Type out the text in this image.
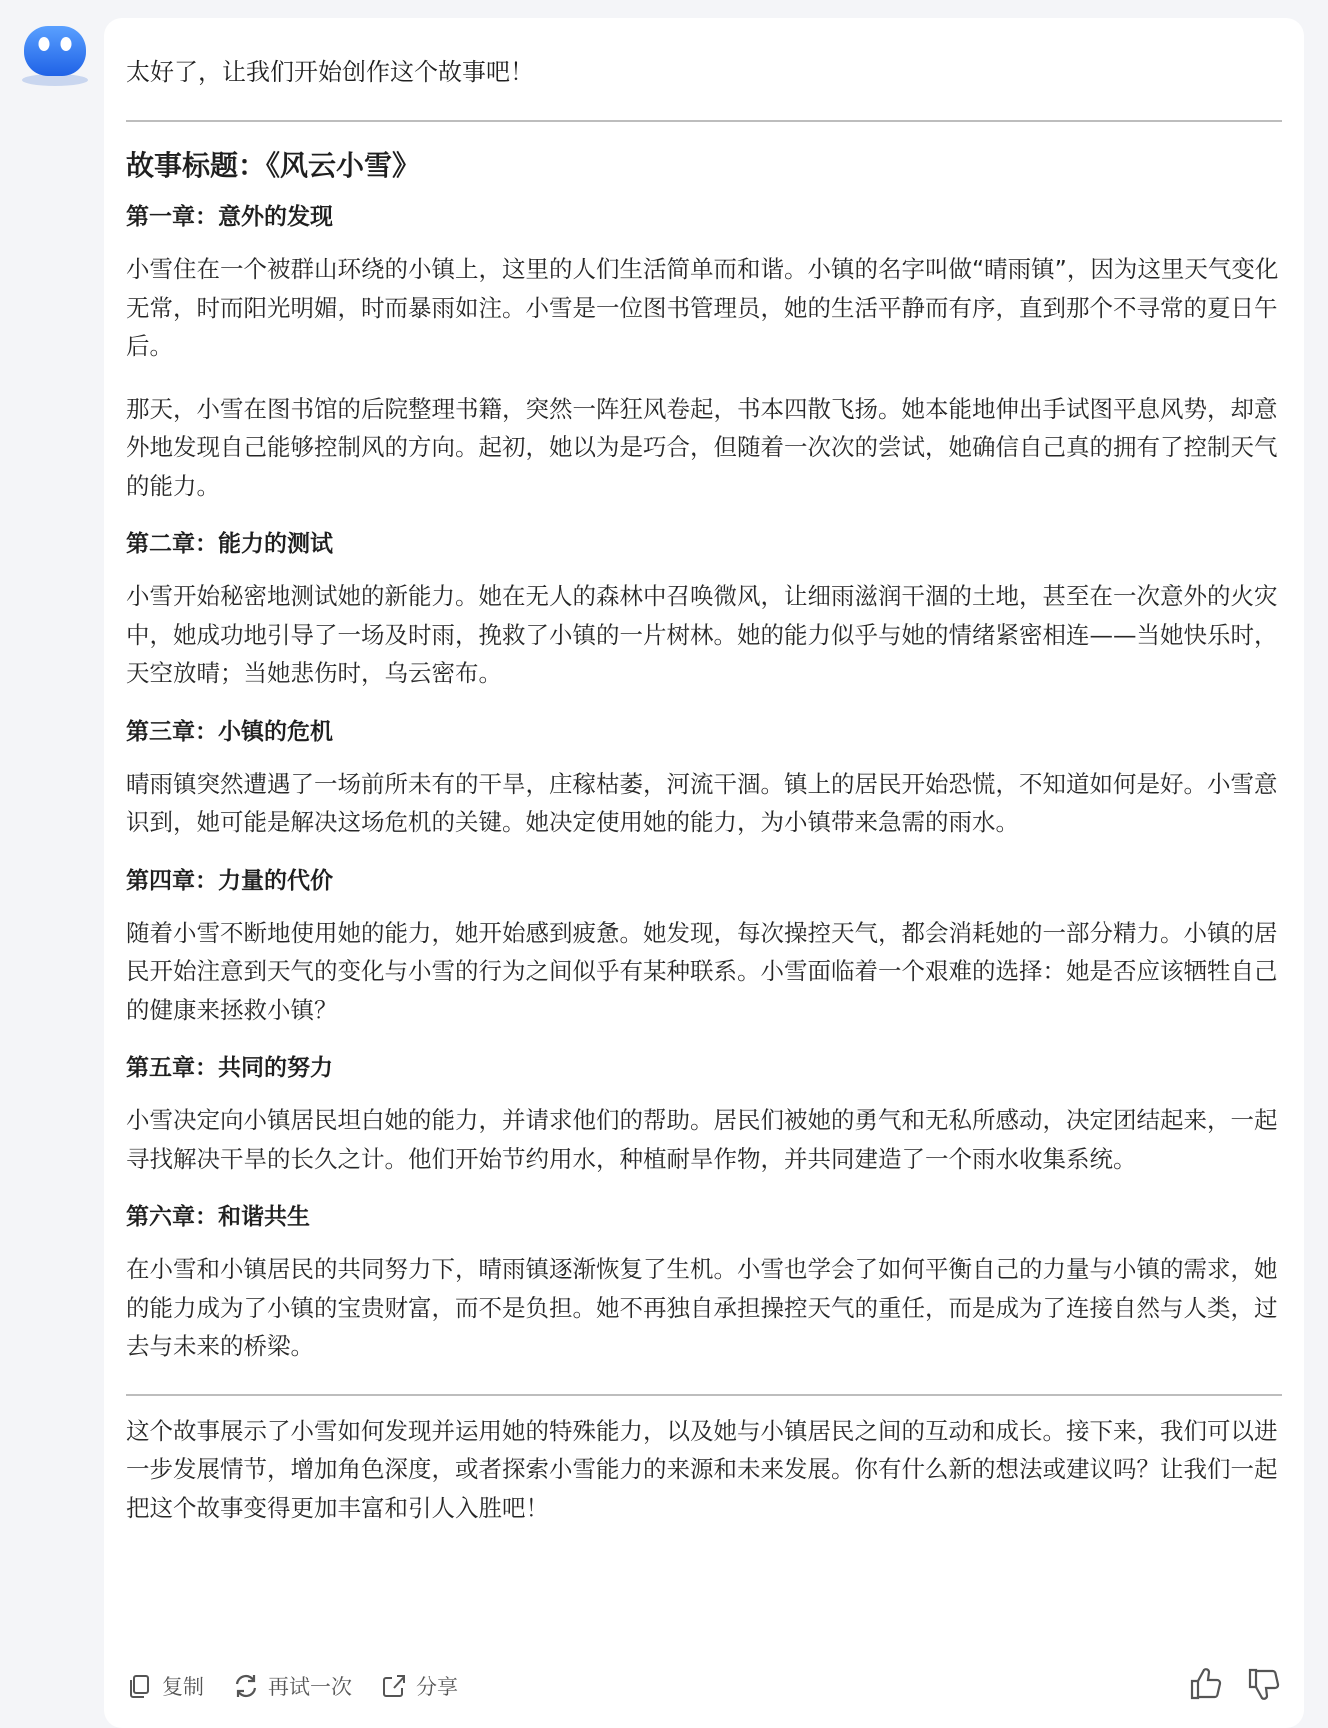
太好了，让我们开始创作这个故事吧！

故事标题：《风云小雪》
第一章：意外的发现

小雪住在一个被群山环绕的小镇上，这里的人们生活简单而和谐。小镇的名字叫做“晴雨镇”，因为这里天气变化无常，时而阳光明媚，时而暴雨如注。小雪是一位图书管理员，她的生活平静而有序，直到那个不寻常的夏日午后。

那天，小雪在图书馆的后院整理书籍，突然一阵狂风卷起，书本四散飞扬。她本能地伸出手试图平息风势，却意外地发现自己能够控制风的方向。起初，她以为是巧合，但随着一次次的尝试，她确信自己真的拥有了控制天气的能力。

第二章：能力的测试

小雪开始秘密地测试她的新能力。她在无人的森林中召唤微风，让细雨滋润干涸的土地，甚至在一次意外的火灾中，她成功地引导了一场及时雨，挽救了小镇的一片树林。她的能力似乎与她的情绪紧密相连——当她快乐时，天空放晴；当她悲伤时，乌云密布。

第三章：小镇的危机

晴雨镇突然遭遇了一场前所未有的干旱，庄稼枯萎，河流干涸。镇上的居民开始恐慌，不知道如何是好。小雪意识到，她可能是解决这场危机的关键。她决定使用她的能力，为小镇带来急需的雨水。

第四章：力量的代价

随着小雪不断地使用她的能力，她开始感到疲惫。她发现，每次操控天气，都会消耗她的一部分精力。小镇的居民开始注意到天气的变化与小雪的行为之间似乎有某种联系。小雪面临着一个艰难的选择：她是否应该牺牲自己的健康来拯救小镇？

第五章：共同的努力

小雪决定向小镇居民坦白她的能力，并请求他们的帮助。居民们被她的勇气和无私所感动，决定团结起来，一起寻找解决干旱的长久之计。他们开始节约用水，种植耐旱作物，并共同建造了一个雨水收集系统。

第六章：和谐共生

在小雪和小镇居民的共同努力下，晴雨镇逐渐恢复了生机。小雪也学会了如何平衡自己的力量与小镇的需求，她的能力成为了小镇的宝贵财富，而不是负担。她不再独自承担操控天气的重任，而是成为了连接自然与人类，过去与未来的桥梁。

这个故事展示了小雪如何发现并运用她的特殊能力，以及她与小镇居民之间的互动和成长。接下来，我们可以进一步发展情节，增加角色深度，或者探索小雪能力的来源和未来发展。你有什么新的想法或建议吗？让我们一起把这个故事变得更加丰富和引人入胜吧！

复制	再试一次	分享
